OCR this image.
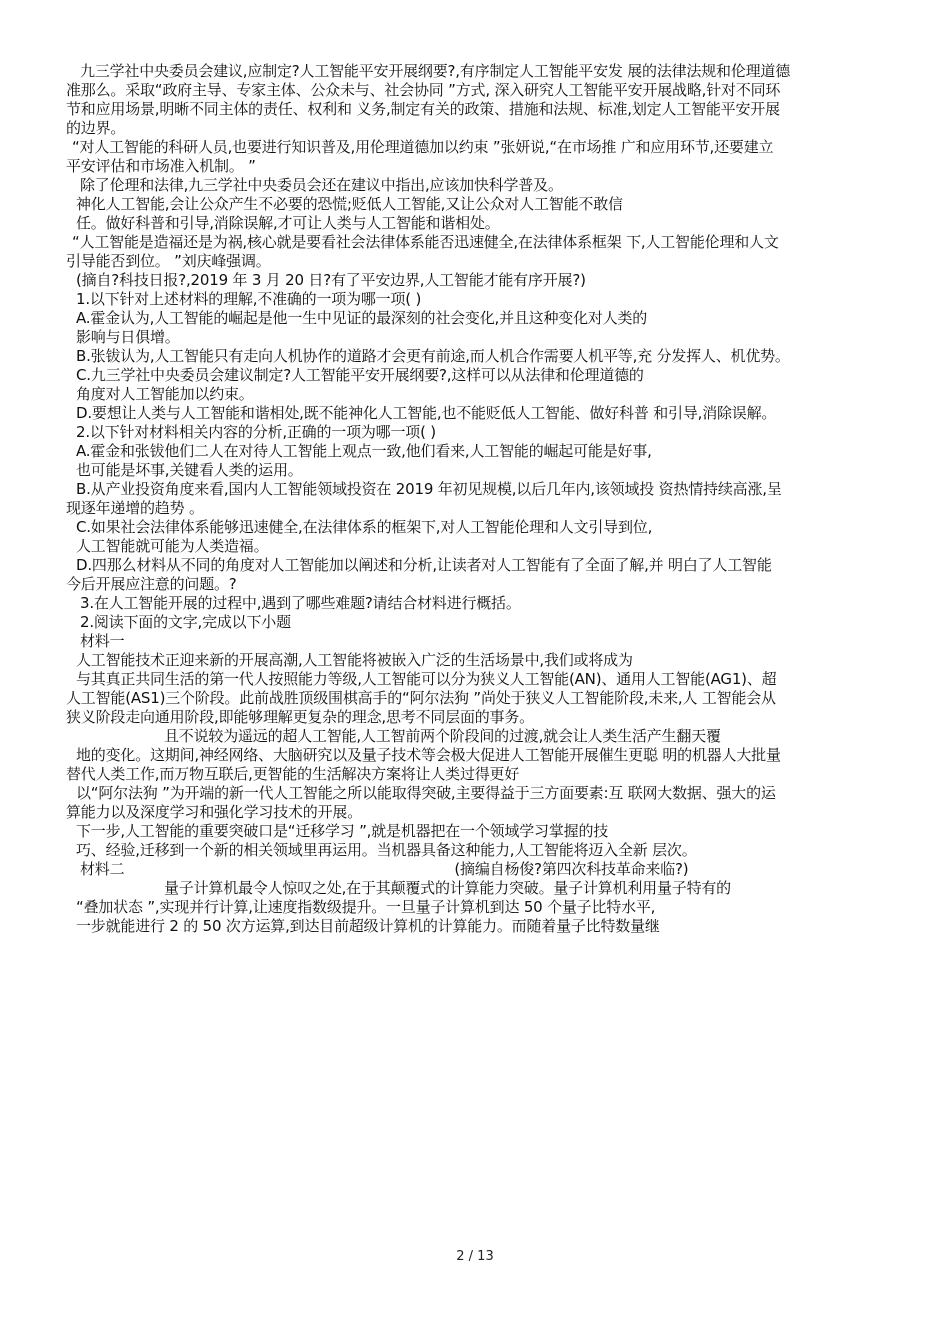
九三学社中央委员会建议,应制定?人工智能平安开展纲要?,有序制定人工智能平安发 展的法律法规和伦理道德
准那么。采取“政府主导、专家主体、公众未与、社会协同 ”方式, 深入研究人工智能平安开展战略,针对不同环
节和应用场景,明晰不同主体的责任、权利和 义务,制定有关的政策、措施和法规、标准,划定人工智能平安开展
的边界。
“对人工智能的科研人员,也要进行知识普及,用伦理道德加以约束 ”张妍说,“在市场推 广和应用环节,还要建立
平安评估和市场准入机制。 ”
除了伦理和法律,九三学社中央委员会还在建议中指出,应该加快科学普及。
神化人工智能,会让公众产生不必要的恐慌;贬低人工智能,又让公众对人工智能不敢信
任。做好科普和引导,消除误解,才可让人类与人工智能和谐相处。
“人工智能是造福还是为祸,核心就是要看社会法律体系能否迅速健全,在法律体系框架 下,人工智能伦理和人文
引导能否到位。 ”刘庆峰强调。
(摘自?科技日报?,2019 年 3 月 20 日?有了平安边界,人工智能才能有序开展?)
1.以下针对上述材料的理解,不准确的一项为哪一项( )
A.霍金认为,人工智能的崛起是他一生中见证的最深刻的社会变化,并且这种变化对人类的
影响与日俱增。
B.张钹认为,人工智能只有走向人机协作的道路才会更有前途,而人机合作需要人机平等,充 分发挥人、机优势。
C.九三学社中央委员会建议制定?人工智能平安开展纲要?,这样可以从法律和伦理道德的
角度对人工智能加以约束。
D.要想让人类与人工智能和谐相处,既不能神化人工智能,也不能贬低人工智能、做好科普 和引导,消除误解。
2.以下针对材料相关内容的分析,正确的一项为哪一项( )
A.霍金和张钹他们二人在对待人工智能上观点一致,他们看来,人工智能的崛起可能是好事,
也可能是坏事,关键看人类的运用。
B.从产业投资角度来看,国内人工智能领域投资在 2019 年初见规模,以后几年内,该领域投 资热情持续高涨,呈
现逐年递增的趋势 。
C.如果社会法律体系能够迅速健全,在法律体系的框架下,对人工智能伦理和人文引导到位,
人工智能就可能为人类造福。
D.四那么材料从不同的角度对人工智能加以阐述和分析,让读者对人工智能有了全面了解,并 明白了人工智能
今后开展应注意的问题。?
3.在人工智能开展的过程中,遇到了哪些难题?请结合材料进行概括。
2.阅读下面的文字,完成以下小题
材料一
人工智能技术正迎来新的开展高潮,人工智能将被嵌入广泛的生活场景中,我们或将成为
与其真正共同生活的第一代人按照能力等级,人工智能可以分为狭义人工智能(AN)、通用人工智能(AG1)、超
人工智能(AS1)三个阶段。此前战胜顶级围棋高手的“阿尔法狗 ”尚处于狭义人工智能阶段,未来,人 工智能会从
狭义阶段走向通用阶段,即能够理解更复杂的理念,思考不同层面的事务。
且不说较为遥远的超人工智能,人工智前两个阶段间的过渡,就会让人类生活产生翻天覆
地的变化。这期间,神经网络、大脑研究以及量子技术等会极大促进人工智能开展催生更聪 明的机器人大批量
替代人类工作,而万物互联后,更智能的生活解决方案将让人类过得更好
以“阿尔法狗 ”为开端的新一代人工智能之所以能取得突破,主要得益于三方面要素:互 联网大数据、强大的运
算能力以及深度学习和强化学习技术的开展。
下一步,人工智能的重要突破口是“迁移学习 ”,就是机器把在一个领域学习掌握的技
巧、经验,迁移到一个新的相关领域里再运用。当机器具备这种能力,人工智能将迈入全新 层次。
材料二	(摘编自杨俊?第四次科技革命来临?)
量子计算机最令人惊叹之处,在于其颠覆式的计算能力突破。量子计算机利用量子特有的
“叠加状态 ”,实现并行计算,让速度指数级提升。一旦量子计算机到达 50 个量子比特水平,
一步就能进行 2 的 50 次方运算,到达目前超级计算机的计算能力。而随着量子比特数量继
2 / 13
